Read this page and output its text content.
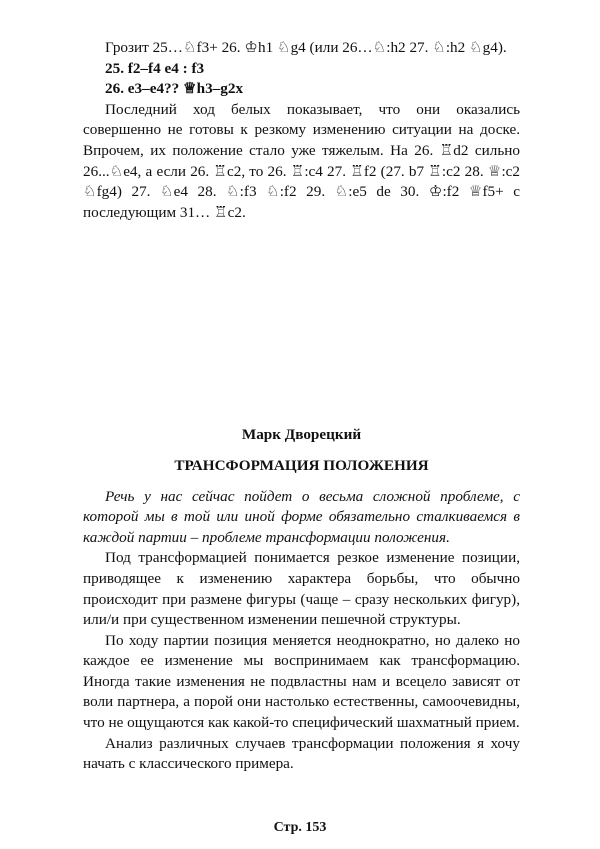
Грозит 25…♘f3+ 26. ♔h1 ♘g4 (или 26…♘:h2 27. ♘:h2 ♘g4).

25. f2–f4 e4 : f3

26. e3–e4?? ♕h3–g2x

Последний ход белых показывает, что они оказались совершенно не готовы к резкому изменению ситуации на доске. Впрочем, их положение стало уже тяжелым. На 26. ♖d2 сильно 26...♘e4, а если 26. ♖c2, то 26. ♖:c4 27. ♖f2 (27. b7 ♖:c2 28. ♕:c2 ♘fg4) 27. ♘e4 28. ♘:f3 ♘:f2 29. ♘:e5 de 30. ♔:f2 ♕f5+ с последующим 31… ♖c2.

Марк Дворецкий

ТРАНСФОРМАЦИЯ ПОЛОЖЕНИЯ

Речь у нас сейчас пойдет о весьма сложной проблеме, с которой мы в той или иной форме обязательно сталкиваемся в каждой партии – проблеме трансформации положения.

Под трансформацией понимается резкое изменение позиции, приводящее к изменению характера борьбы, что обычно происходит при размене фигуры (чаще – сразу нескольких фигур), или/и при существенном изменении пешечной структуры.

По ходу партии позиция меняется неоднократно, но далеко но каждое ее изменение мы воспринимаем как трансформацию. Иногда такие изменения не подвластны нам и всецело зависят от воли партнера, а порой они настолько естественны, самоочевидны, что не ощущаются как какой-то специфический шахматный прием.

Анализ различных случаев трансформации положения я хочу начать с классического примера.

Стр. 153
